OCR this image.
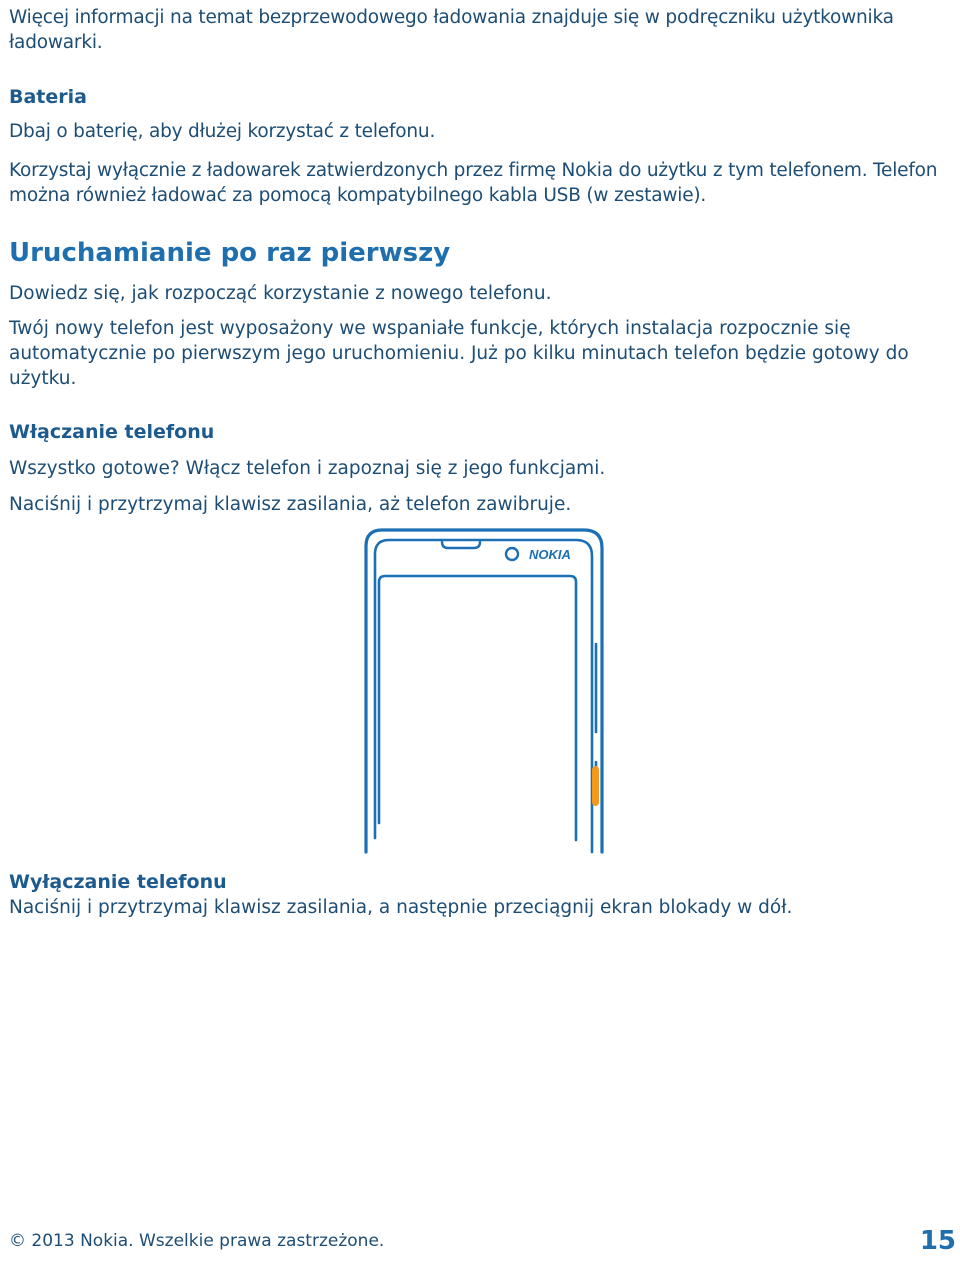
Więcej informacji na temat bezprzewodowego ładowania znajduje się w podręczniku użytkownika ładowarki.

Bateria

Dbaj o baterię, aby dłużej korzystać z telefonu.

Korzystaj wyłącznie z ładowarek zatwierdzonych przez firmę Nokia do użytku z tym telefonem. Telefon można również ładować za pomocą kompatybilnego kabla USB (w zestawie).

Uruchamianie po raz pierwszy

Dowiedz się, jak rozpocząć korzystanie z nowego telefonu.

Twój nowy telefon jest wyposażony we wspaniałe funkcje, których instalacja rozpocznie się automatycznie po pierwszym jego uruchomieniu. Już po kilku minutach telefon będzie gotowy do użytku.

Włączanie telefonu

Wszystko gotowe? Włącz telefon i zapoznaj się z jego funkcjami.

Naciśnij i przytrzymaj klawisz zasilania, aż telefon zawibruje.

NOKIA
Wyłączanie telefonu

Naciśnij i przytrzymaj klawisz zasilania, a następnie przeciągnij ekran blokady w dół.

© 2013 Nokia. Wszelkie prawa zastrzeżone.	15
